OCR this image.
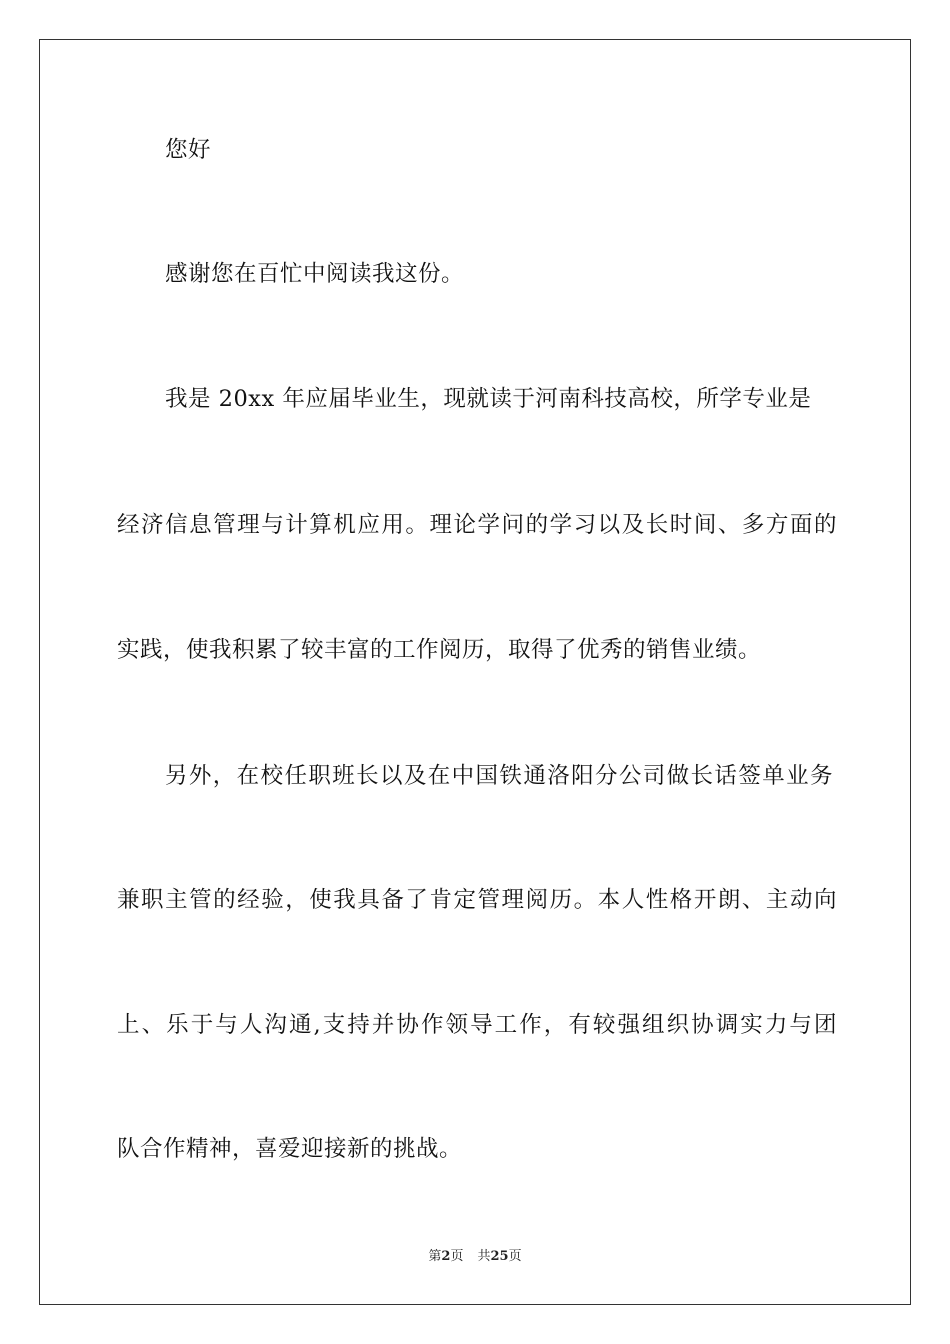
您好
感谢您在百忙中阅读我这份。
我是 20xx 年应届毕业生，现就读于河南科技高校，所学专业是
经济信息管理与计算机应用。理论学问的学习以及长时间、多方面的
实践，使我积累了较丰富的工作阅历，取得了优秀的销售业绩。
另外，在校任职班长以及在中国铁通洛阳分公司做长话签单业务
兼职主管的经验，使我具备了肯定管理阅历。本人性格开朗、主动向
上、乐于与人沟通,支持并协作领导工作，有较强组织协调实力与团
队合作精神，喜爱迎接新的挑战。
第2页 共25页
